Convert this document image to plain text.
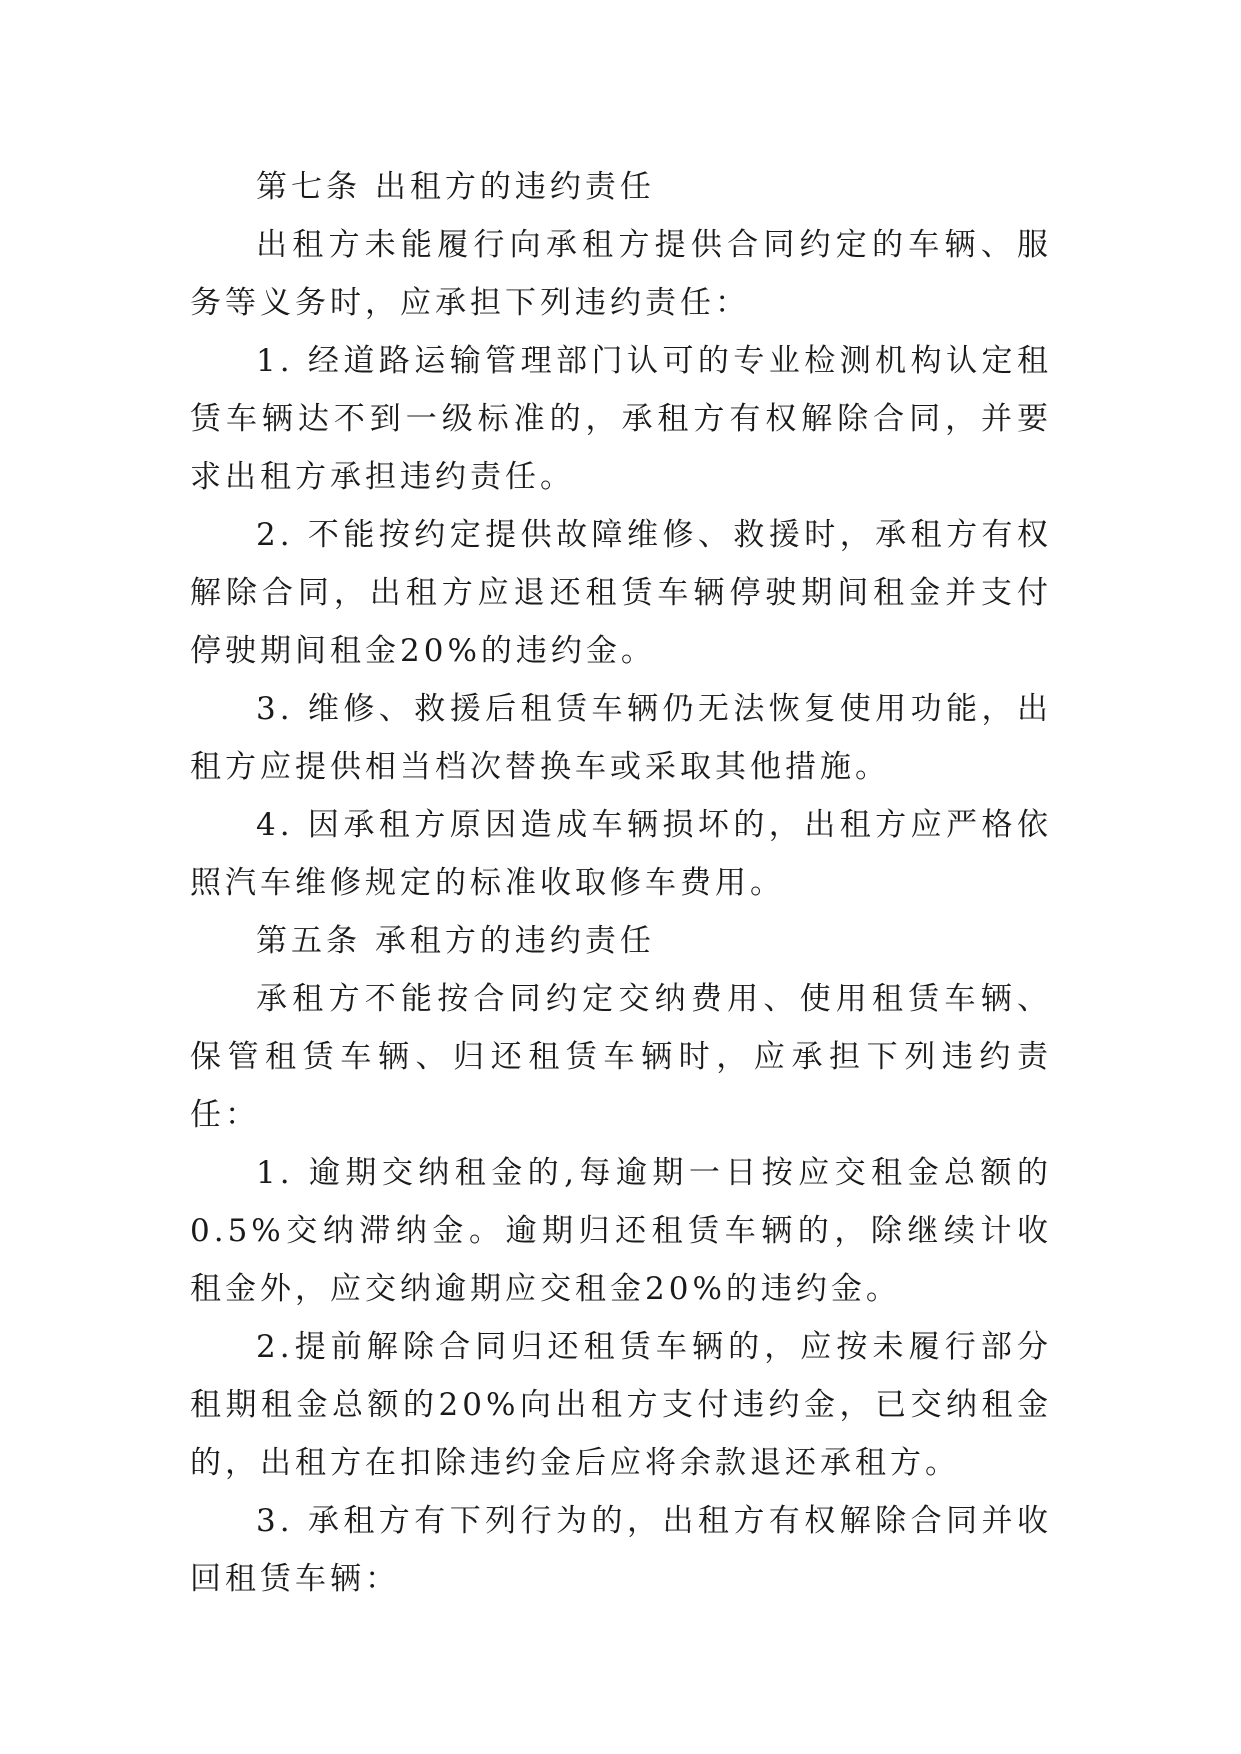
第七条 出租方的违约责任

出租方未能履行向承租方提供合同约定的车辆、服务等义务时，应承担下列违约责任：

1. 经道路运输管理部门认可的专业检测机构认定租赁车辆达不到一级标准的，承租方有权解除合同，并要求出租方承担违约责任。

2. 不能按约定提供故障维修、救援时，承租方有权解除合同，出租方应退还租赁车辆停驶期间租金并支付停驶期间租金20%的违约金。

3. 维修、救援后租赁车辆仍无法恢复使用功能，出租方应提供相当档次替换车或采取其他措施。

4. 因承租方原因造成车辆损坏的，出租方应严格依照汽车维修规定的标准收取修车费用。

第五条 承租方的违约责任

承租方不能按合同约定交纳费用、使用租赁车辆、保管租赁车辆、归还租赁车辆时，应承担下列违约责任：

1. 逾期交纳租金的,每逾期一日按应交租金总额的0.5%交纳滞纳金。逾期归还租赁车辆的，除继续计收租金外，应交纳逾期应交租金20%的违约金。

2.提前解除合同归还租赁车辆的，应按未履行部分租期租金总额的20%向出租方支付违约金，已交纳租金的，出租方在扣除违约金后应将余款退还承租方。

3. 承租方有下列行为的，出租方有权解除合同并收回租赁车辆：
